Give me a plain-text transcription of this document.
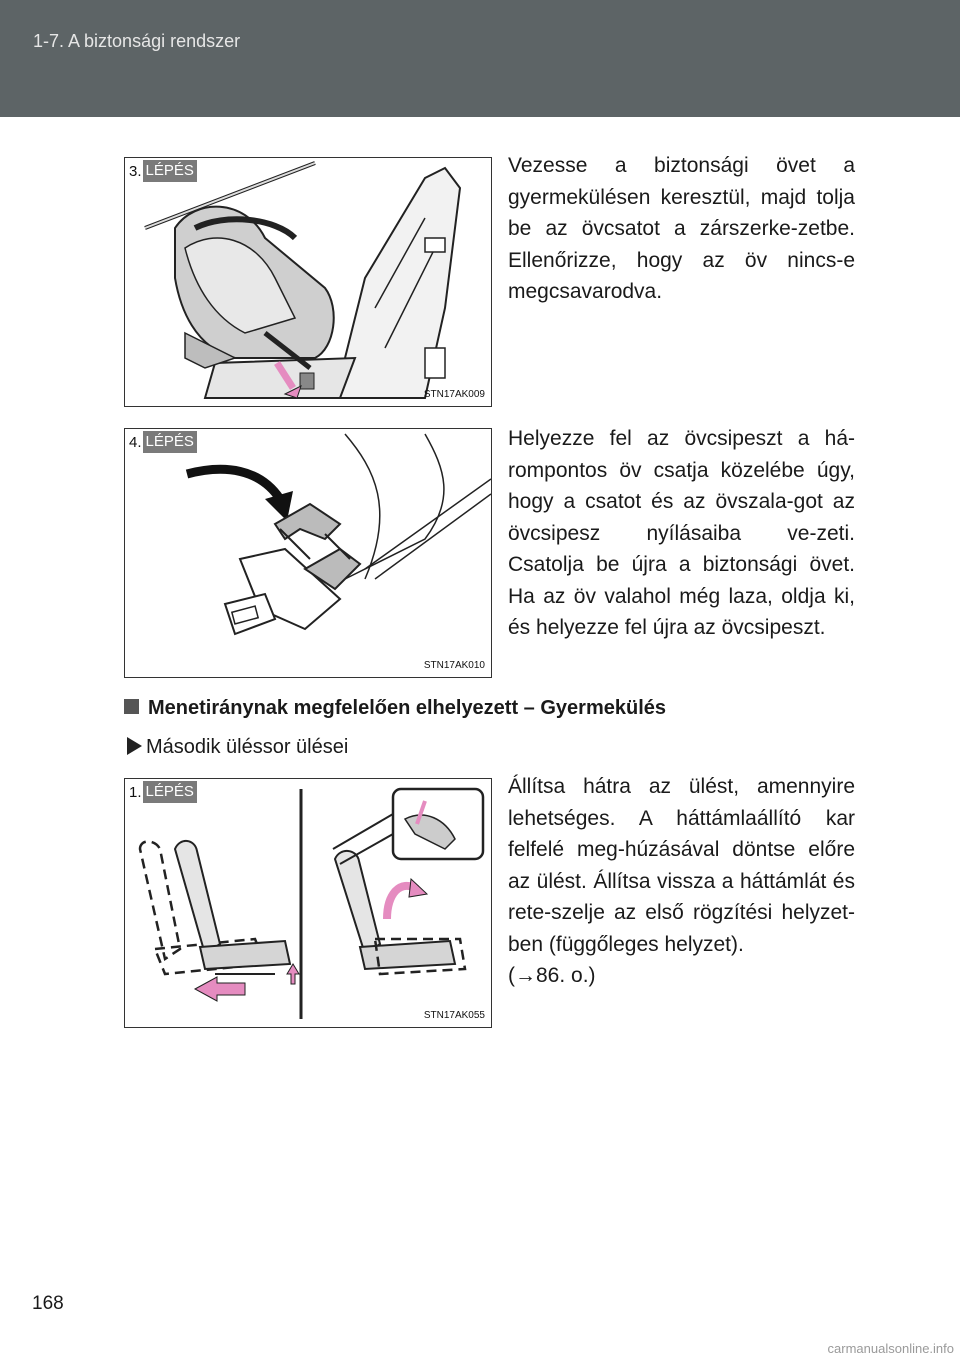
1-7. A biztonsági rendszer
3. LÉPÉS
STN17AK009
Vezesse a biztonsági övet a gyermekülésen keresztül, majd tolja be az övcsatot a zárszerke-zetbe. Ellenőrizze, hogy az öv nincs-e megcsavarodva.
4. LÉPÉS
STN17AK010
Helyezze fel az övcsipeszt a há-rompontos öv csatja közelébe úgy, hogy a csatot és az övszala-got az övcsipesz nyílásaiba ve-zeti. Csatolja be újra a biztonsági övet. Ha az öv valahol még laza, oldja ki, és helyezze fel újra az övcsipeszt.
Menetiránynak megfelelően elhelyezett – Gyermekülés
Második üléssor ülései
1. LÉPÉS
STN17AK055
Állítsa hátra az ülést, amennyire lehetséges. A háttámlaállító kar felfelé meg-húzásával döntse előre az ülést. Állítsa vissza a háttámlát és rete-szelje az első rögzítési helyzet-ben (függőleges helyzet).
(→86. o.)
168
carmanualsonline.info
